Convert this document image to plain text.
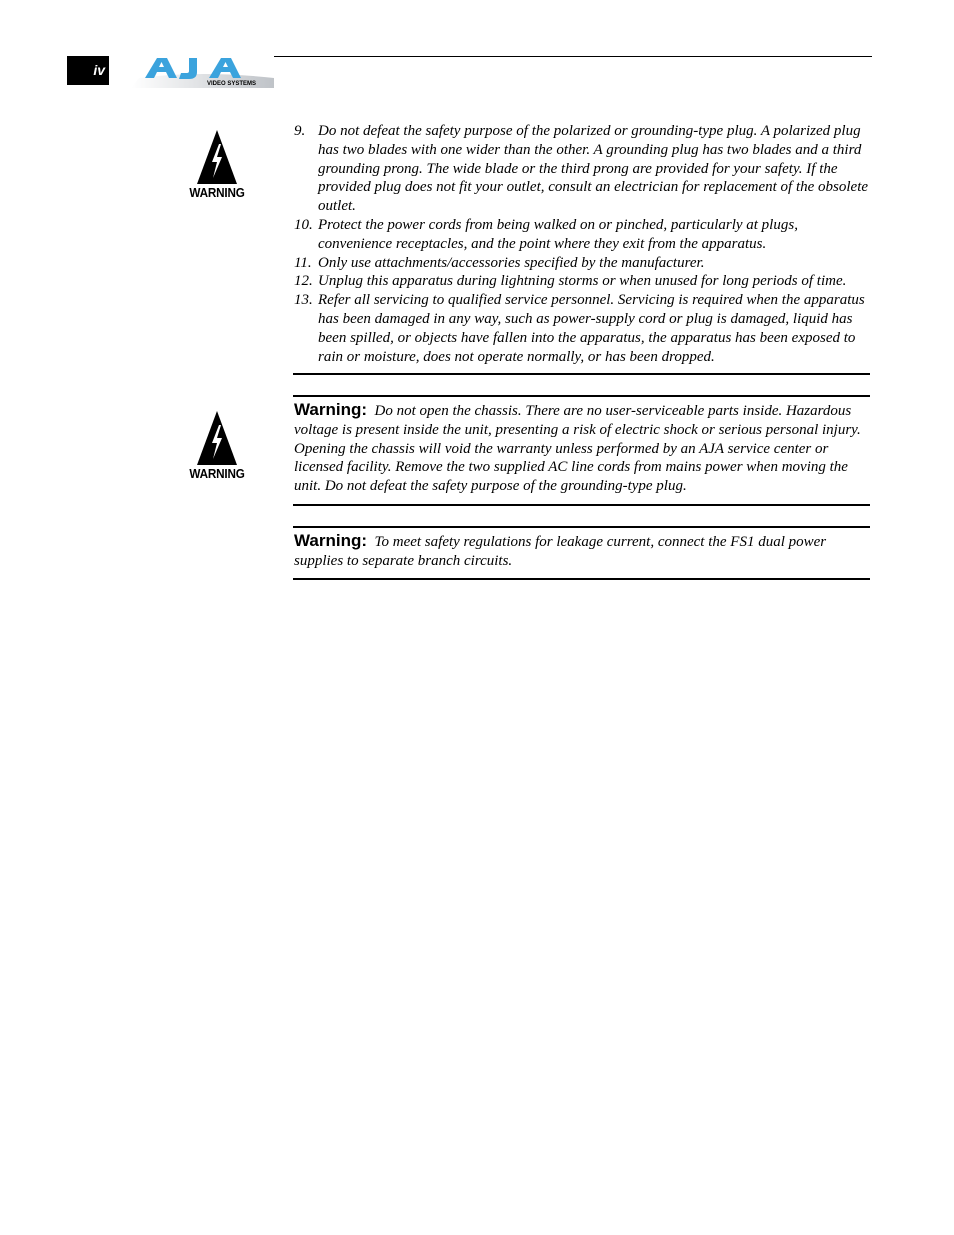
iv
VIDEO SYSTEMS
WARNING
9. Do not defeat the safety purpose of the polarized or grounding-type plug. A polarized plug has two blades with one wider than the other. A grounding plug has two blades and a third grounding prong. The wide blade or the third prong are provided for your safety. If the provided plug does not fit your outlet, consult an electrician for replacement of the obsolete outlet.
10. Protect the power cords from being walked on or pinched, particularly at plugs, convenience receptacles, and the point where they exit from the apparatus.
11. Only use attachments/accessories specified by the manufacturer.
12. Unplug this apparatus during lightning storms or when unused for long periods of time.
13. Refer all servicing to qualified service personnel. Servicing is required when the apparatus has been damaged in any way, such as power-supply cord or plug is damaged, liquid has been spilled, or objects have fallen into the apparatus, the apparatus has been exposed to rain or moisture, does not operate normally, or has been dropped.
WARNING
Warning: Do not open the chassis. There are no user-serviceable parts inside. Hazardous voltage is present inside the unit, presenting a risk of electric shock or serious personal injury. Opening the chassis will void the warranty unless performed by an AJA service center or licensed facility. Remove the two supplied AC line cords from mains power when moving the unit. Do not defeat the safety purpose of the grounding-type plug.
Warning: To meet safety regulations for leakage current, connect the FS1 dual power supplies to separate branch circuits.
